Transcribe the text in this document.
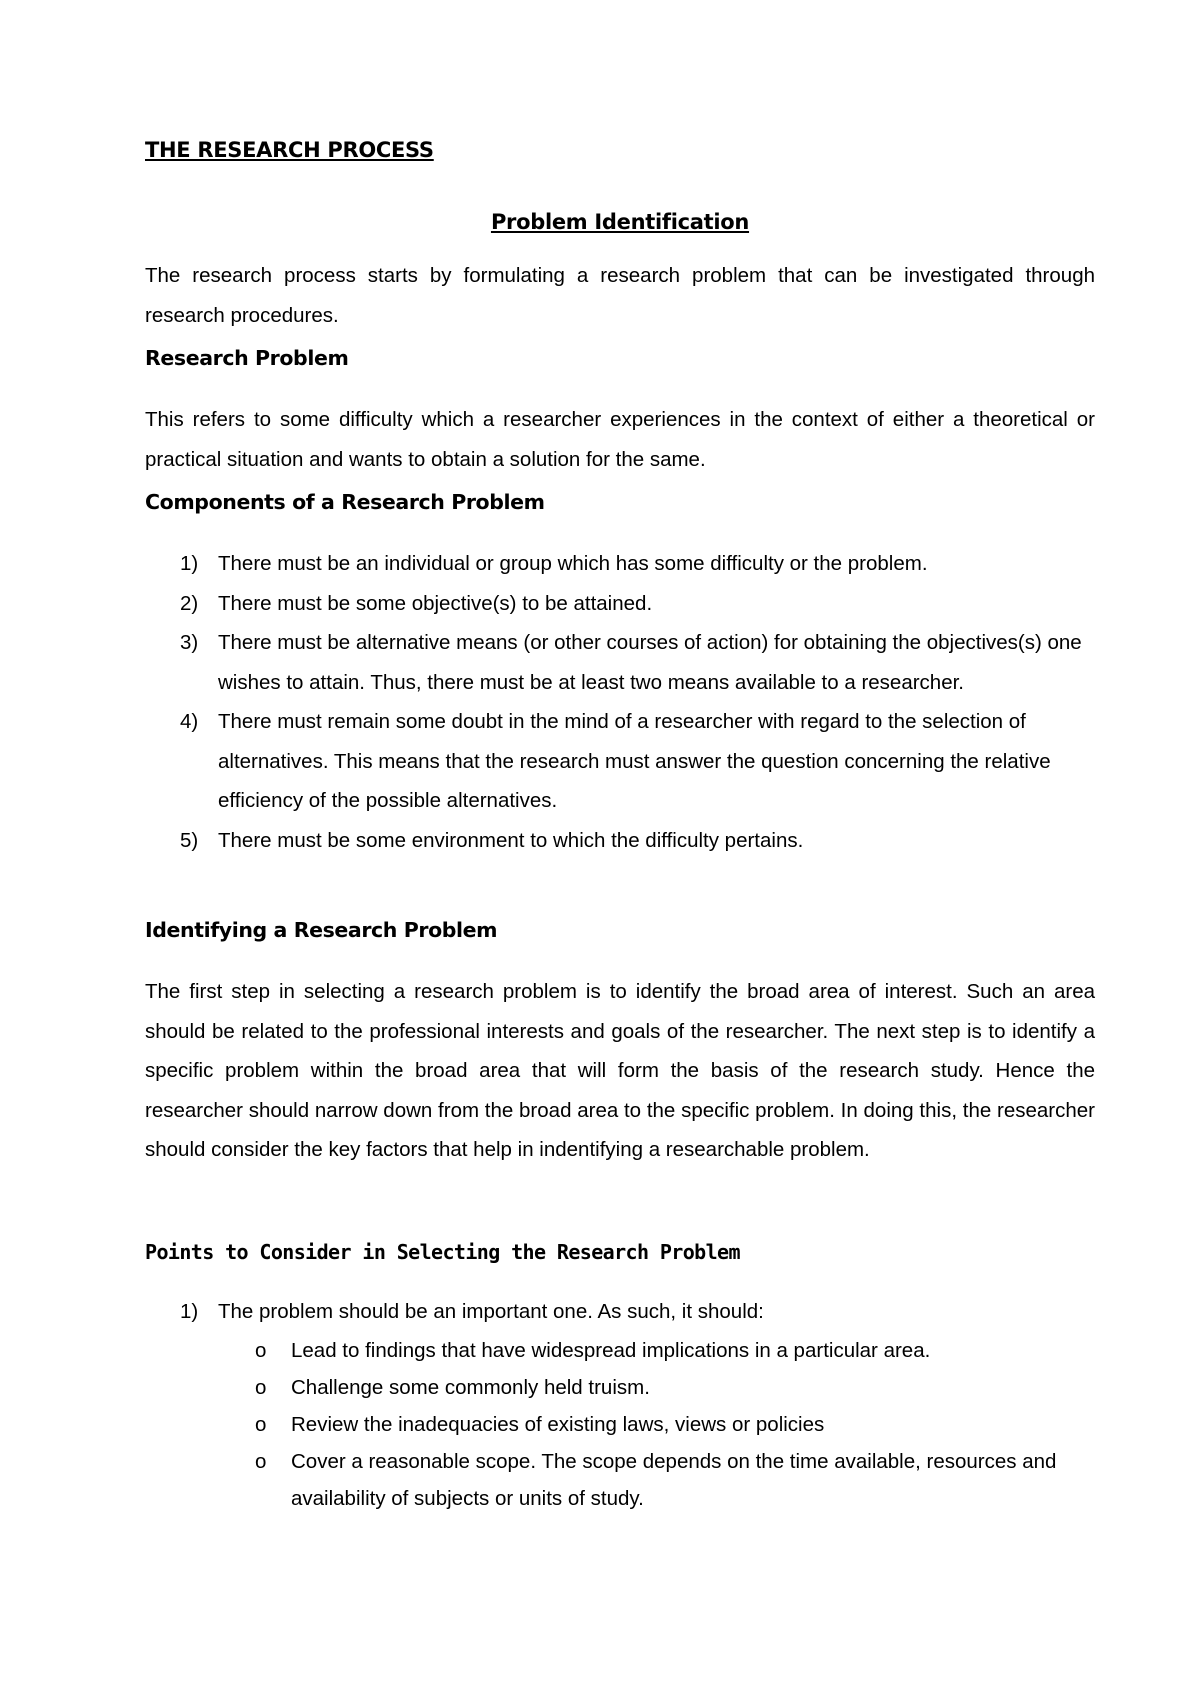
THE RESEARCH PROCESS
Problem Identification

The research process starts by formulating a research problem that can be investigated through research procedures.

Research Problem

This refers to some difficulty which a researcher experiences in the context of either a theoretical or practical situation and wants to obtain a solution for the same.

Components of a Research Problem

1) There must be an individual or group which has some difficulty or the problem.
2) There must be some objective(s) to be attained.
3) There must be alternative means (or other courses of action) for obtaining the objectives(s) one wishes to attain. Thus, there must be at least two means available to a researcher.
4) There must remain some doubt in the mind of a researcher with regard to the selection of alternatives. This means that the research must answer the question concerning the relative efficiency of the possible alternatives.
5) There must be some environment to which the difficulty pertains.

Identifying a Research Problem

The first step in selecting a research problem is to identify the broad area of interest. Such an area should be related to the professional interests and goals of the researcher. The next step is to identify a specific problem within the broad area that will form the basis of the research study. Hence the researcher should narrow down from the broad area to the specific problem. In doing this, the researcher should consider the key factors that help in indentifying a researchable problem.

Points to Consider in Selecting the Research Problem

1) The problem should be an important one. As such, it should:
o Lead to findings that have widespread implications in a particular area.
o Challenge some commonly held truism.
o Review the inadequacies of existing laws, views or policies
o Cover a reasonable scope. The scope depends on the time available, resources and availability of subjects or units of study.
